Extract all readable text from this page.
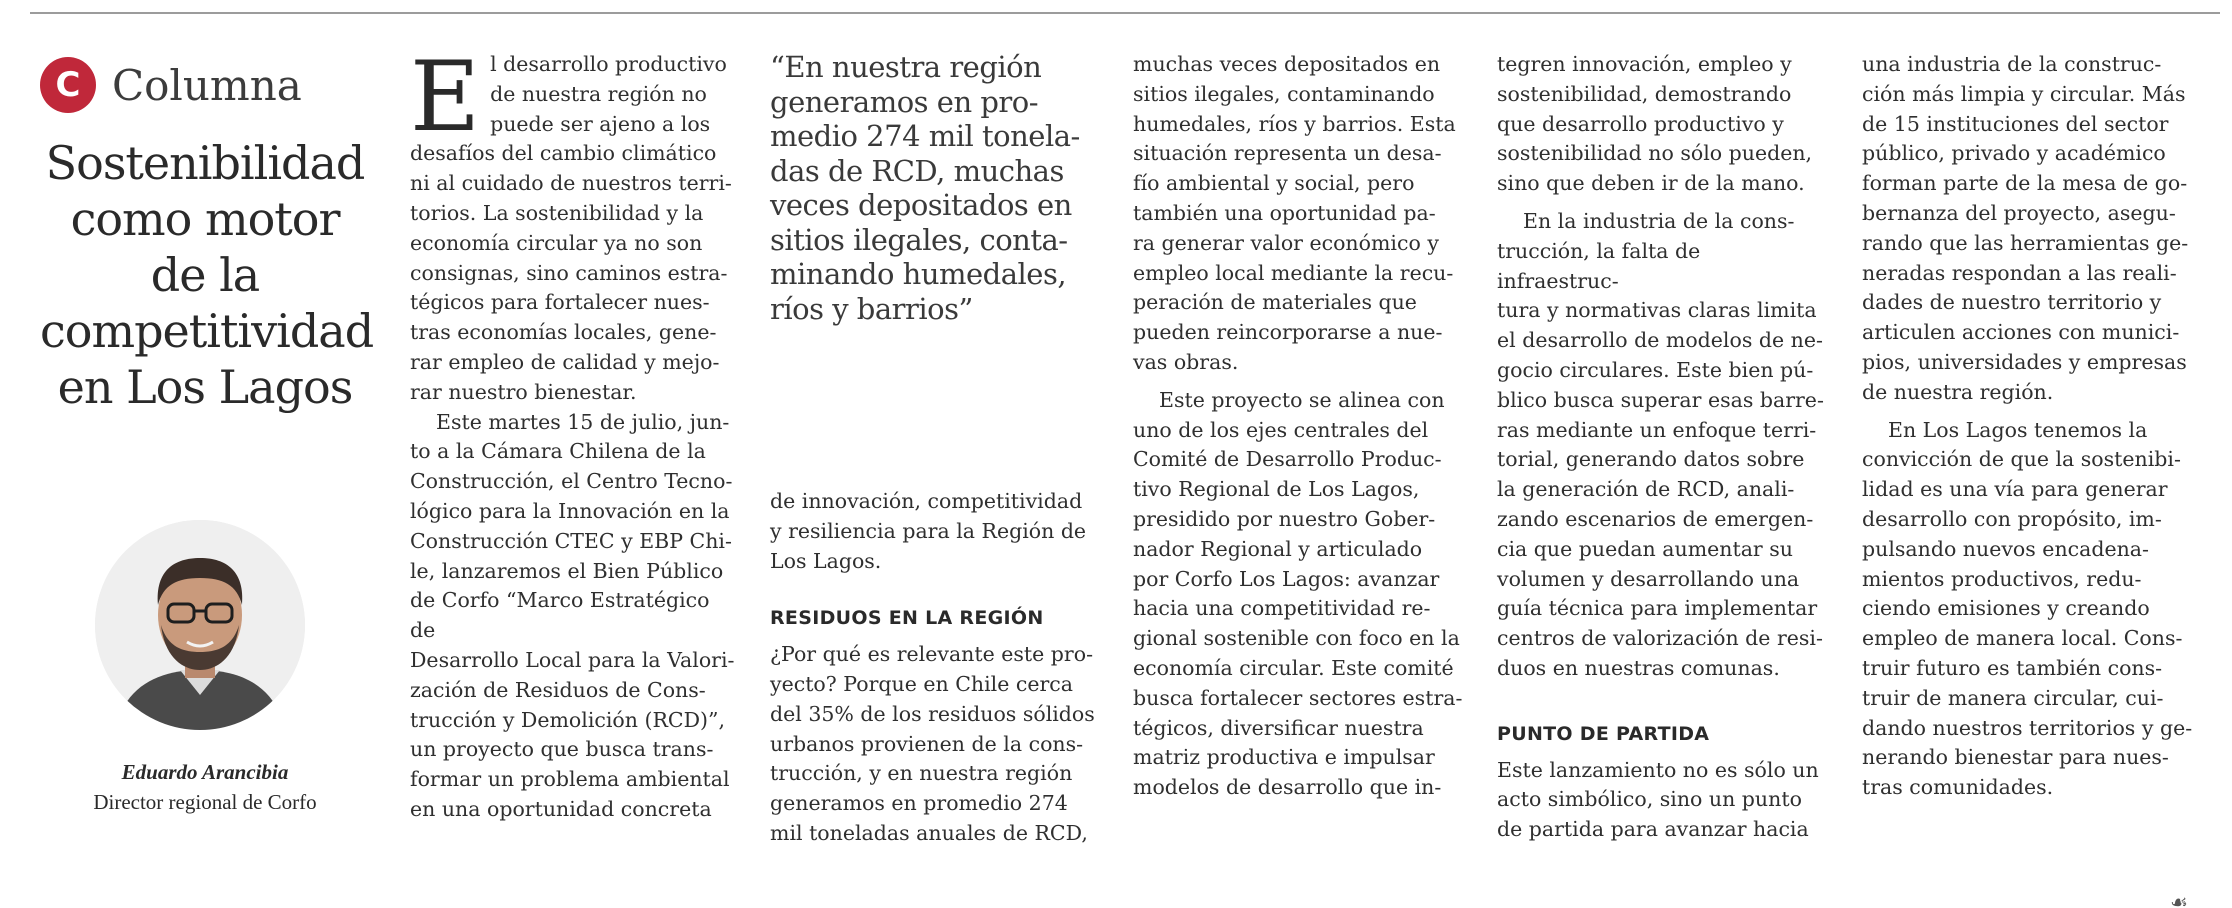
C Columna
Sostenibilidad
como motor
de la
competitividad
en Los Lagos
Eduardo Arancibia
Director regional de Corfo
E l desarrollo productivo
de nuestra región no
puede ser ajeno a los
desafíos del cambio climático
ni al cuidado de nuestros terri-
torios. La sostenibilidad y la
economía circular ya no son
consignas, sino caminos estra-
tégicos para fortalecer nues-
tras economías locales, gene-
rar empleo de calidad y mejo-
rar nuestro bienestar.

Este martes 15 de julio, jun-
to a la Cámara Chilena de la
Construcción, el Centro Tecno-
lógico para la Innovación en la
Construcción CTEC y EBP Chi-
le, lanzaremos el Bien Público
de Corfo “Marco Estratégico de
Desarrollo Local para la Valori-
zación de Residuos de Cons-
trucción y Demolición (RCD)”,
un proyecto que busca trans-
formar un problema ambiental
en una oportunidad concreta

“En nuestra región
generamos en pro-
medio 274 mil tonela-
das de RCD, muchas
veces depositados en
sitios ilegales, conta-
minando humedales,
ríos y barrios”

de innovación, competitividad
y resiliencia para la Región de
Los Lagos.

RESIDUOS EN LA REGIÓN

¿Por qué es relevante este pro-
yecto? Porque en Chile cerca
del 35% de los residuos sólidos
urbanos provienen de la cons-
trucción, y en nuestra región
generamos en promedio 274
mil toneladas anuales de RCD,

muchas veces depositados en
sitios ilegales, contaminando
humedales, ríos y barrios. Esta
situación representa un desa-
fío ambiental y social, pero
también una oportunidad pa-
ra generar valor económico y
empleo local mediante la recu-
peración de materiales que
pueden reincorporarse a nue-
vas obras.

Este proyecto se alinea con
uno de los ejes centrales del
Comité de Desarrollo Produc-
tivo Regional de Los Lagos,
presidido por nuestro Gober-
nador Regional y articulado
por Corfo Los Lagos: avanzar
hacia una competitividad re-
gional sostenible con foco en la
economía circular. Este comité
busca fortalecer sectores estra-
tégicos, diversificar nuestra
matriz productiva e impulsar
modelos de desarrollo que in-

tegren innovación, empleo y
sostenibilidad, demostrando
que desarrollo productivo y
sostenibilidad no sólo pueden,
sino que deben ir de la mano.

En la industria de la cons-
trucción, la falta de infraestruc-
tura y normativas claras limita
el desarrollo de modelos de ne-
gocio circulares. Este bien pú-
blico busca superar esas barre-
ras mediante un enfoque terri-
torial, generando datos sobre
la generación de RCD, anali-
zando escenarios de emergen-
cia que puedan aumentar su
volumen y desarrollando una
guía técnica para implementar
centros de valorización de resi-
duos en nuestras comunas.

PUNTO DE PARTIDA

Este lanzamiento no es sólo un
acto simbólico, sino un punto
de partida para avanzar hacia

una industria de la construc-
ción más limpia y circular. Más
de 15 instituciones del sector
público, privado y académico
forman parte de la mesa de go-
bernanza del proyecto, asegu-
rando que las herramientas ge-
neradas respondan a las reali-
dades de nuestro territorio y
articulen acciones con munici-
pios, universidades y empresas
de nuestra región.

En Los Lagos tenemos la
convicción de que la sostenibi-
lidad es una vía para generar
desarrollo con propósito, im-
pulsando nuevos encadena-
mientos productivos, redu-
ciendo emisiones y creando
empleo de manera local. Cons-
truir futuro es también cons-
truir de manera circular, cui-
dando nuestros territorios y ge-
nerando bienestar para nues-
tras comunidades.

☙
